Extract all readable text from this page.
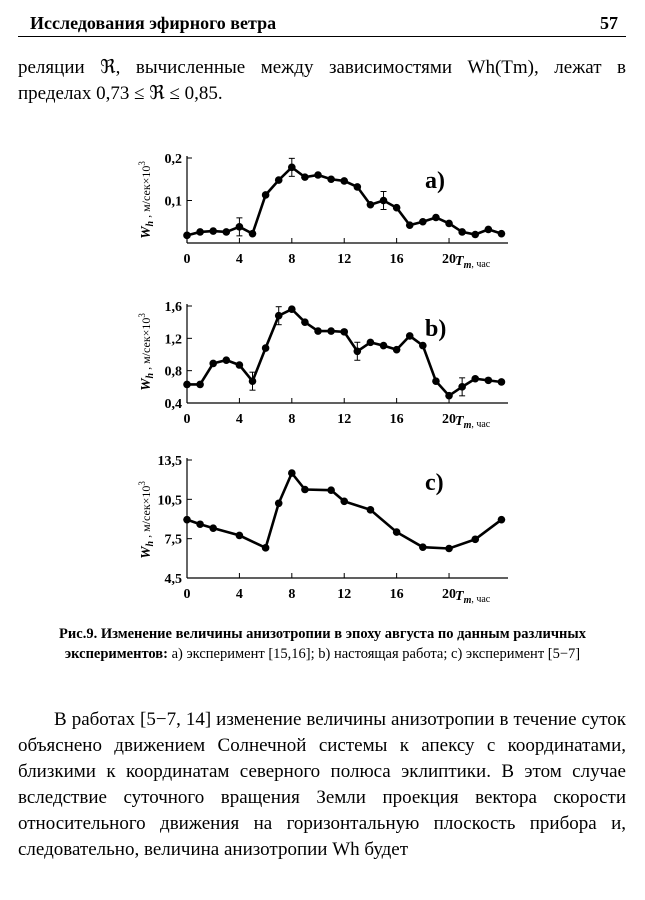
Исследования эфирного ветра	57
реляции ℜ, вычисленные между зависимостями Wh(Tm), лежат в пределах 0,73 ≤ ℜ ≤ 0,85.
0	4	8	12	16	20
0,1
0,2
$T_m$, час
$W_h$ , $м/сек\times 10^3$
a)
0	4	8	12	16	20
0,4
0,8
1,2
1,6
$T_m$, час
$W_h$ , $м/сек\times 10^3$
b)
0	4	8	12	16	20
4,5
7,5
10,5
13,5
$T_m$, час
$W_h$ , $м/сек\times 10^3$	c)
Рис.9. Изменение величины анизотропии в эпоху августа по данным различных экспериментов: a) эксперимент [15,16]; b) настоящая работа; c) эксперимент [5−7]
В работах [5−7, 14] изменение величины анизотропии в течение суток объяснено движением Солнечной системы к апексу с координатами, близкими к координатам северного полюса эклиптики. В этом случае вследствие суточного вращения Земли проекция вектора скорости относительного движения на горизонтальную плоскость прибора и, следовательно, величина анизотропии Wh будет
